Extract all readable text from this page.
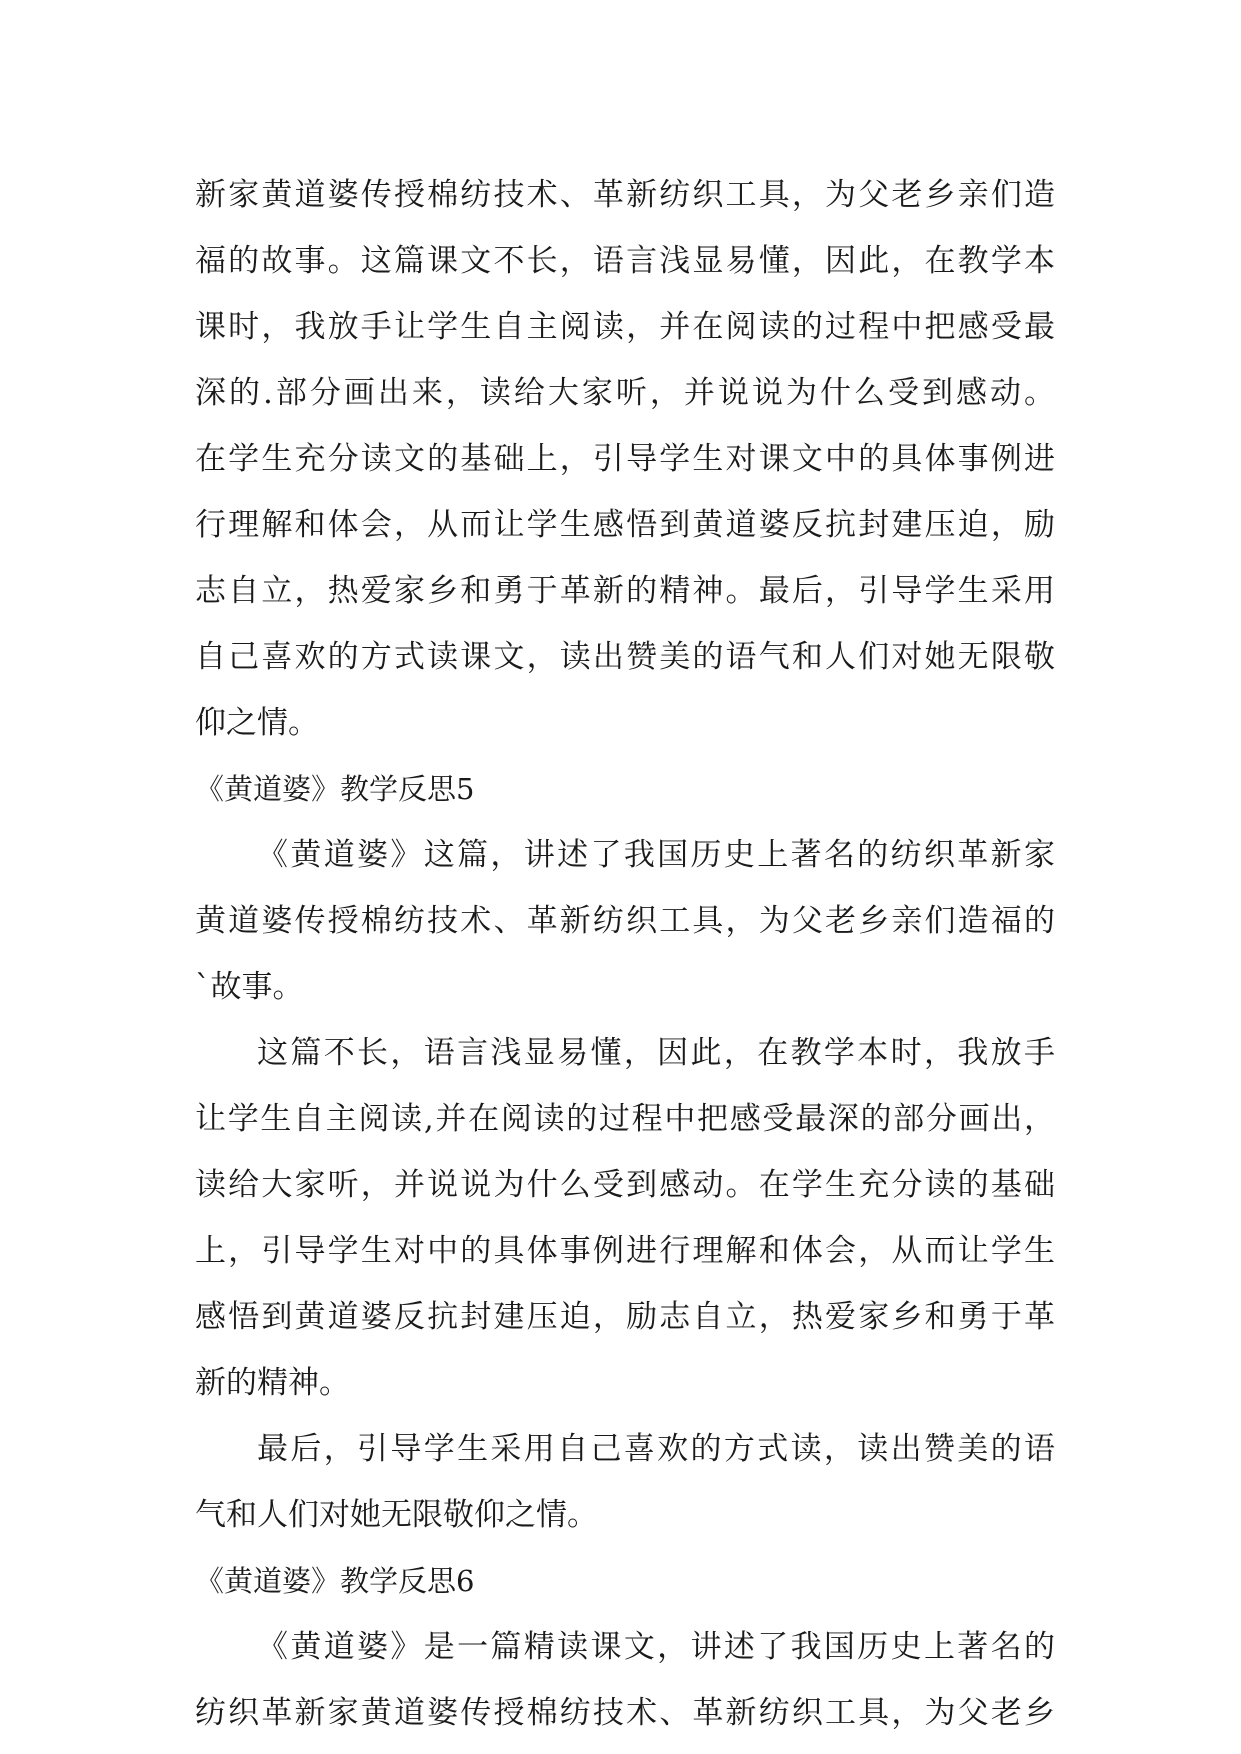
新家黄道婆传授棉纺技术、革新纺织工具，为父老乡亲们造
福的故事。这篇课文不长，语言浅显易懂，因此，在教学本
课时，我放手让学生自主阅读，并在阅读的过程中把感受最
深的.部分画出来，读给大家听，并说说为什么受到感动。
在学生充分读文的基础上，引导学生对课文中的具体事例进
行理解和体会，从而让学生感悟到黄道婆反抗封建压迫，励
志自立，热爱家乡和勇于革新的精神。最后，引导学生采用
自己喜欢的方式读课文，读出赞美的语气和人们对她无限敬
仰之情。
《黄道婆》教学反思5
《黄道婆》这篇，讲述了我国历史上著名的纺织革新家
黄道婆传授棉纺技术、革新纺织工具，为父老乡亲们造福的
`故事。
这篇不长，语言浅显易懂，因此，在教学本时，我放手
让学生自主阅读,并在阅读的过程中把感受最深的部分画出，
读给大家听，并说说为什么受到感动。在学生充分读的基础
上，引导学生对中的具体事例进行理解和体会，从而让学生
感悟到黄道婆反抗封建压迫，励志自立，热爱家乡和勇于革
新的精神。
最后，引导学生采用自己喜欢的方式读，读出赞美的语
气和人们对她无限敬仰之情。
《黄道婆》教学反思6
《黄道婆》是一篇精读课文，讲述了我国历史上著名的
纺织革新家黄道婆传授棉纺技术、革新纺织工具，为父老乡
